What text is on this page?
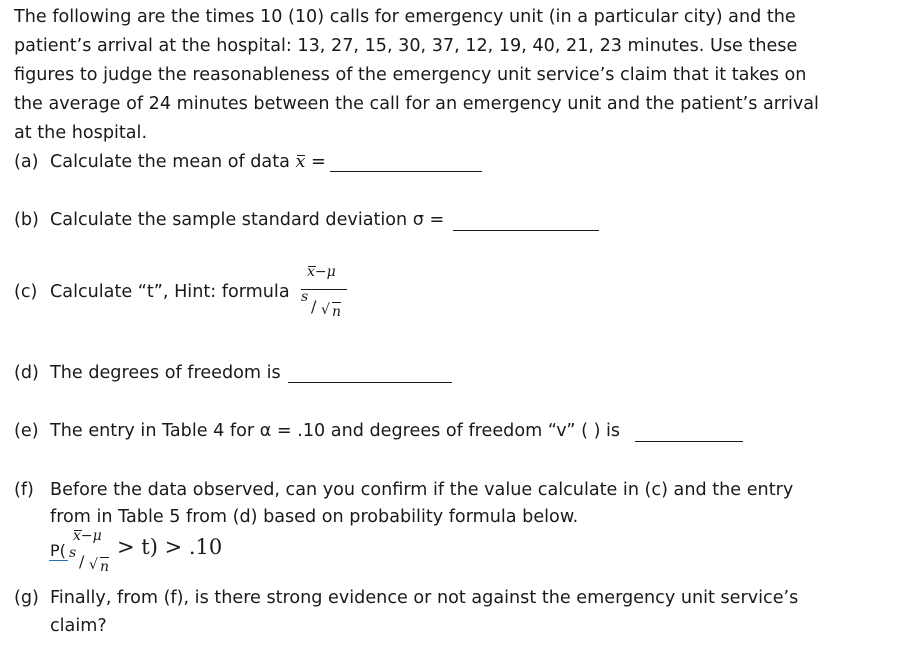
The following are the times 10 (10) calls for emergency unit (in a particular city) and the
patient’s arrival at the hospital: 13, 27, 15, 30, 37, 12, 19, 40, 21, 23 minutes. Use these
figures to judge the reasonableness of the emergency unit service’s claim that it takes on
the average of 24 minutes between the call for an emergency unit and the patient’s arrival
at the hospital.
(a) Calculate the mean of data x =
(b) Calculate the sample standard deviation σ =
(c) Calculate “t”, Hint: formula
x−μ
s / √ n
(d) The degrees of freedom is
(e) The entry in Table 4 for α = .10 and degrees of freedom “v” ( ) is
(f) Before the data observed, can you confirm if the value calculate in (c) and the entry
from in Table 5 from (d) based on probability formula below.
P(
x−μ
s / √ n
> t) > .10
(g) Finally, from (f), is there strong evidence or not against the emergency unit service’s
claim?
